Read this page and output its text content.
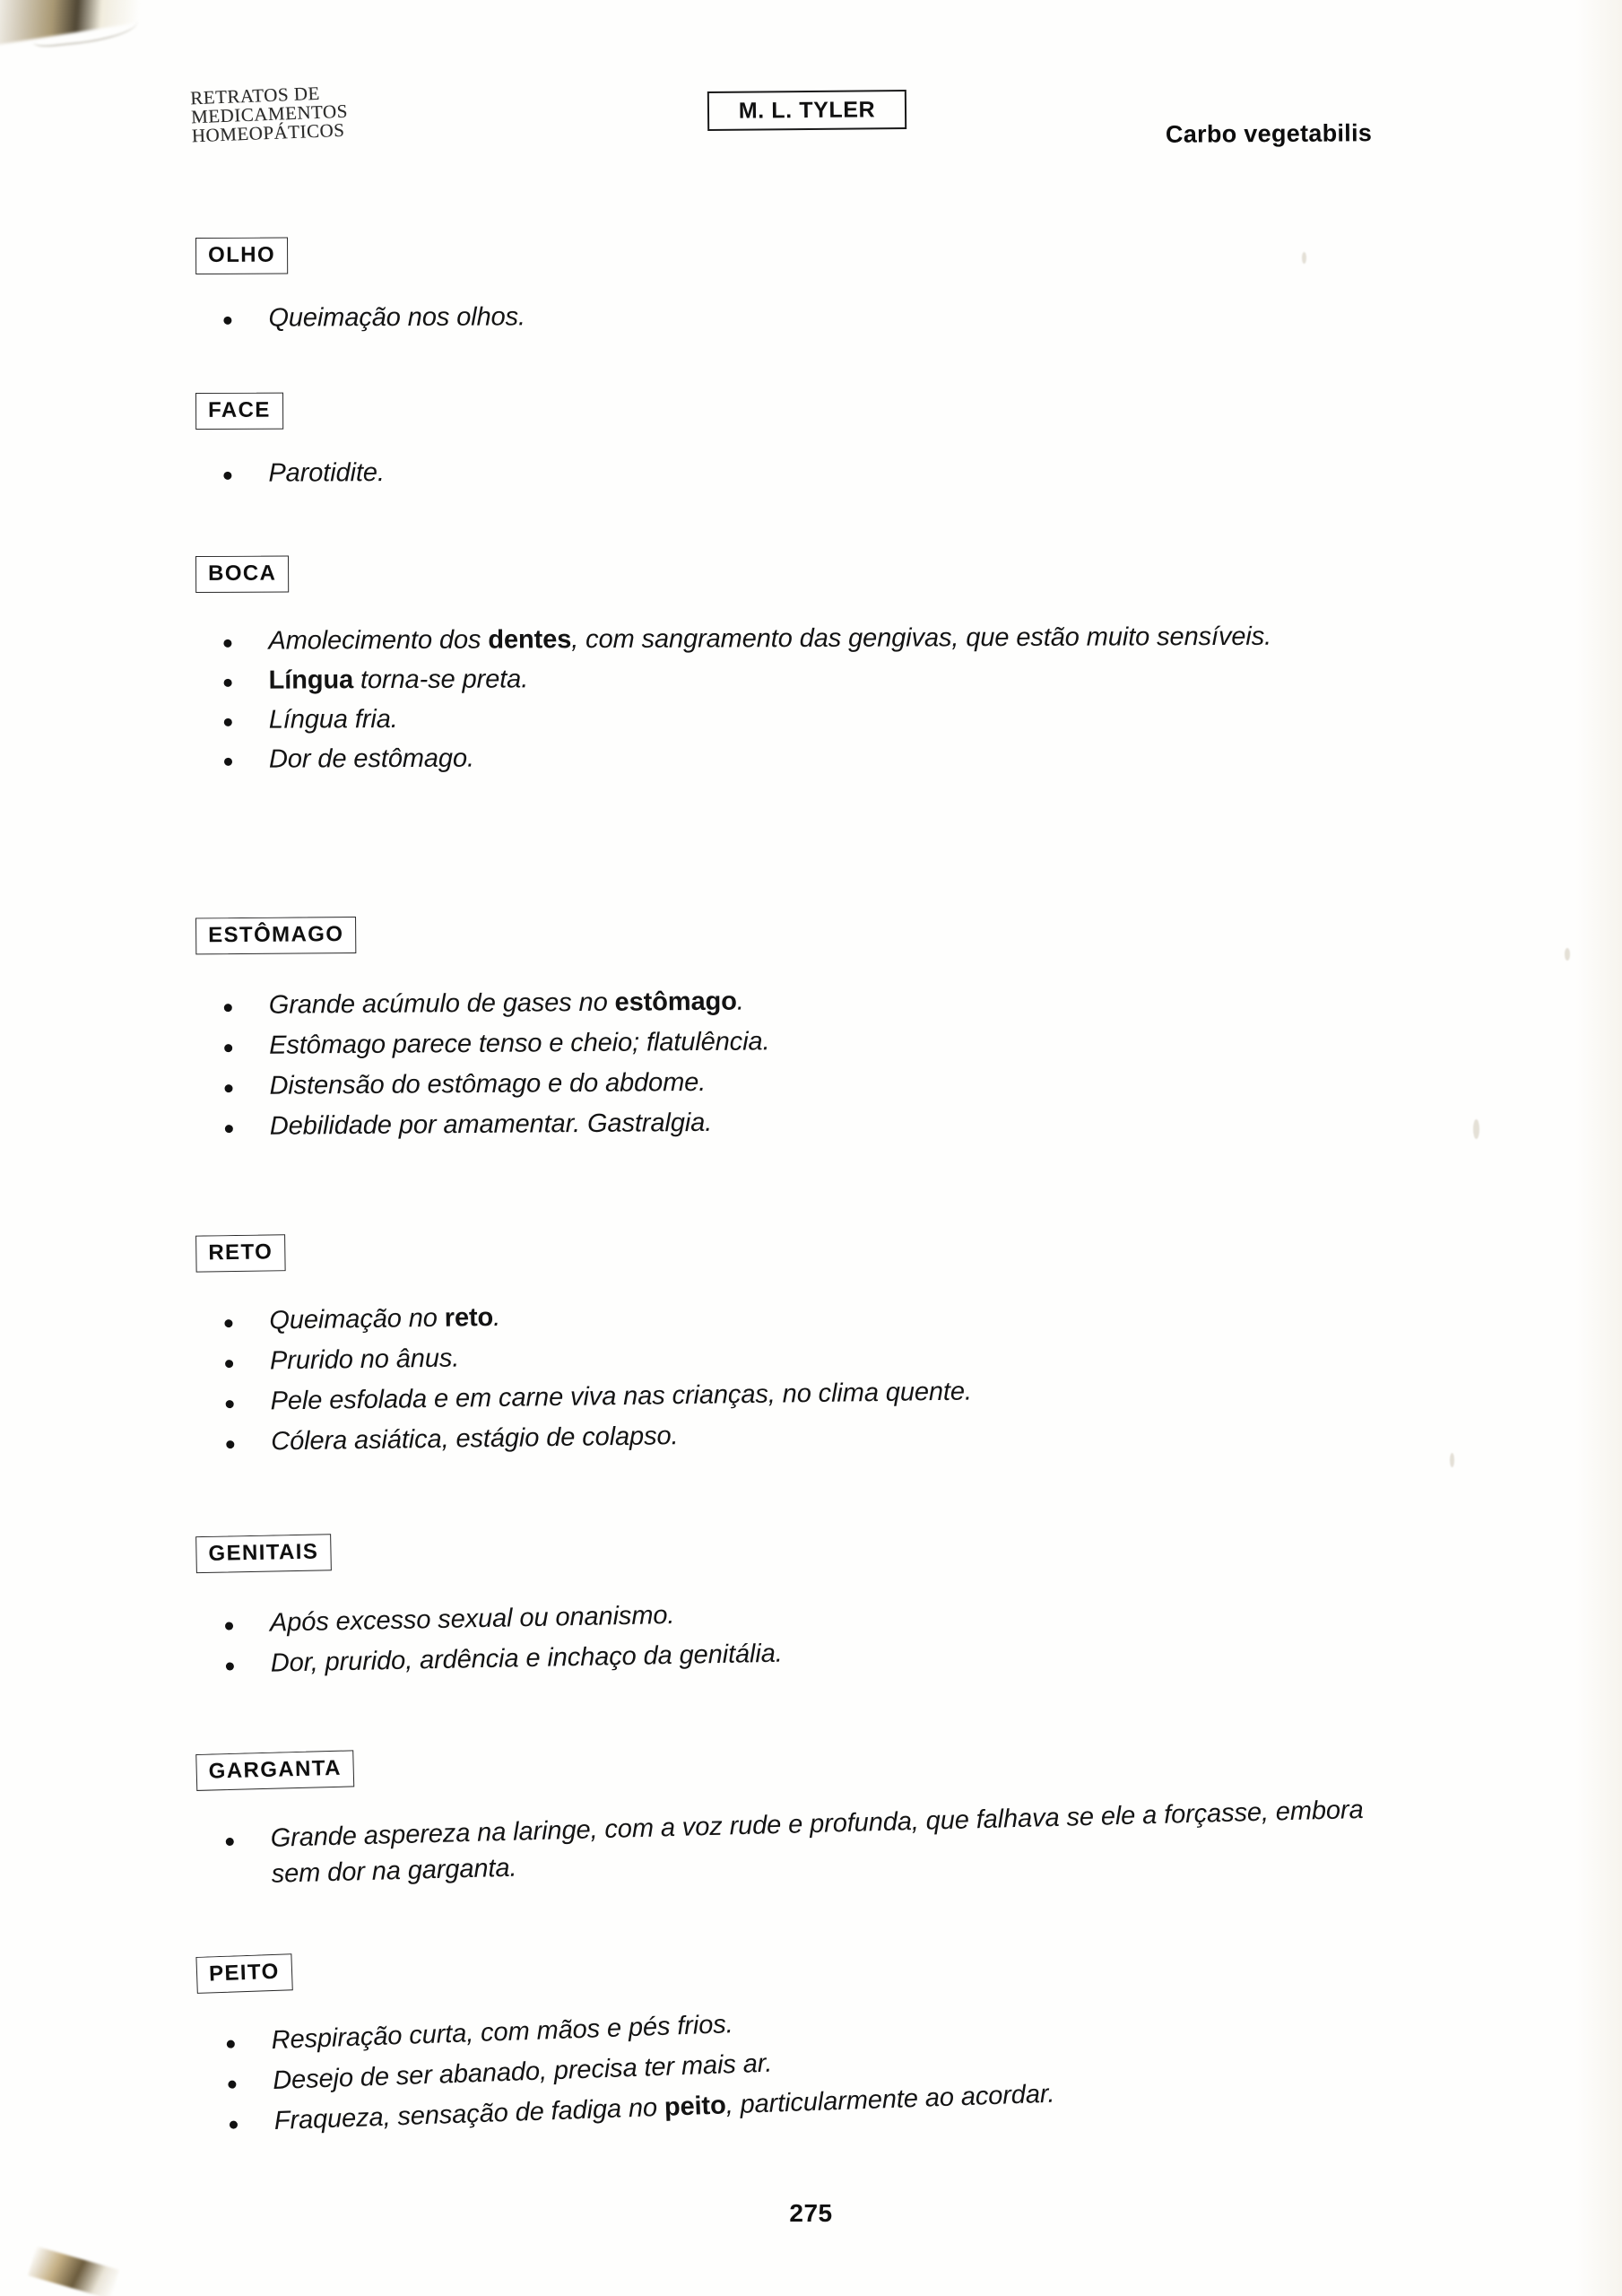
RETRATOS DE
MEDICAMENTOS
HOMEOPÁTICOS
M. L. TYLER
Carbo vegetabilis
OLHO
Queimação nos olhos.
FACE
Parotidite.
BOCA
Amolecimento dos dentes, com sangramento das gengivas, que estão muito sensíveis.
Língua torna-se preta.
Língua fria.
Dor de estômago.
ESTÔMAGO
Grande acúmulo de gases no estômago.
Estômago parece tenso e cheio; flatulência.
Distensão do estômago e do abdome.
Debilidade por amamentar. Gastralgia.
RETO
Queimação no reto.
Prurido no ânus.
Pele esfolada e em carne viva nas crianças, no clima quente.
Cólera asiática, estágio de colapso.
GENITAIS
Após excesso sexual ou onanismo.
Dor, prurido, ardência e inchaço da genitália.
GARGANTA
Grande aspereza na laringe, com a voz rude e profunda, que falhava se ele a forçasse, embora sem dor na garganta.
PEITO
Respiração curta, com mãos e pés frios.
Desejo de ser abanado, precisa ter mais ar.
Fraqueza, sensação de fadiga no peito, particularmente ao acordar.
275
